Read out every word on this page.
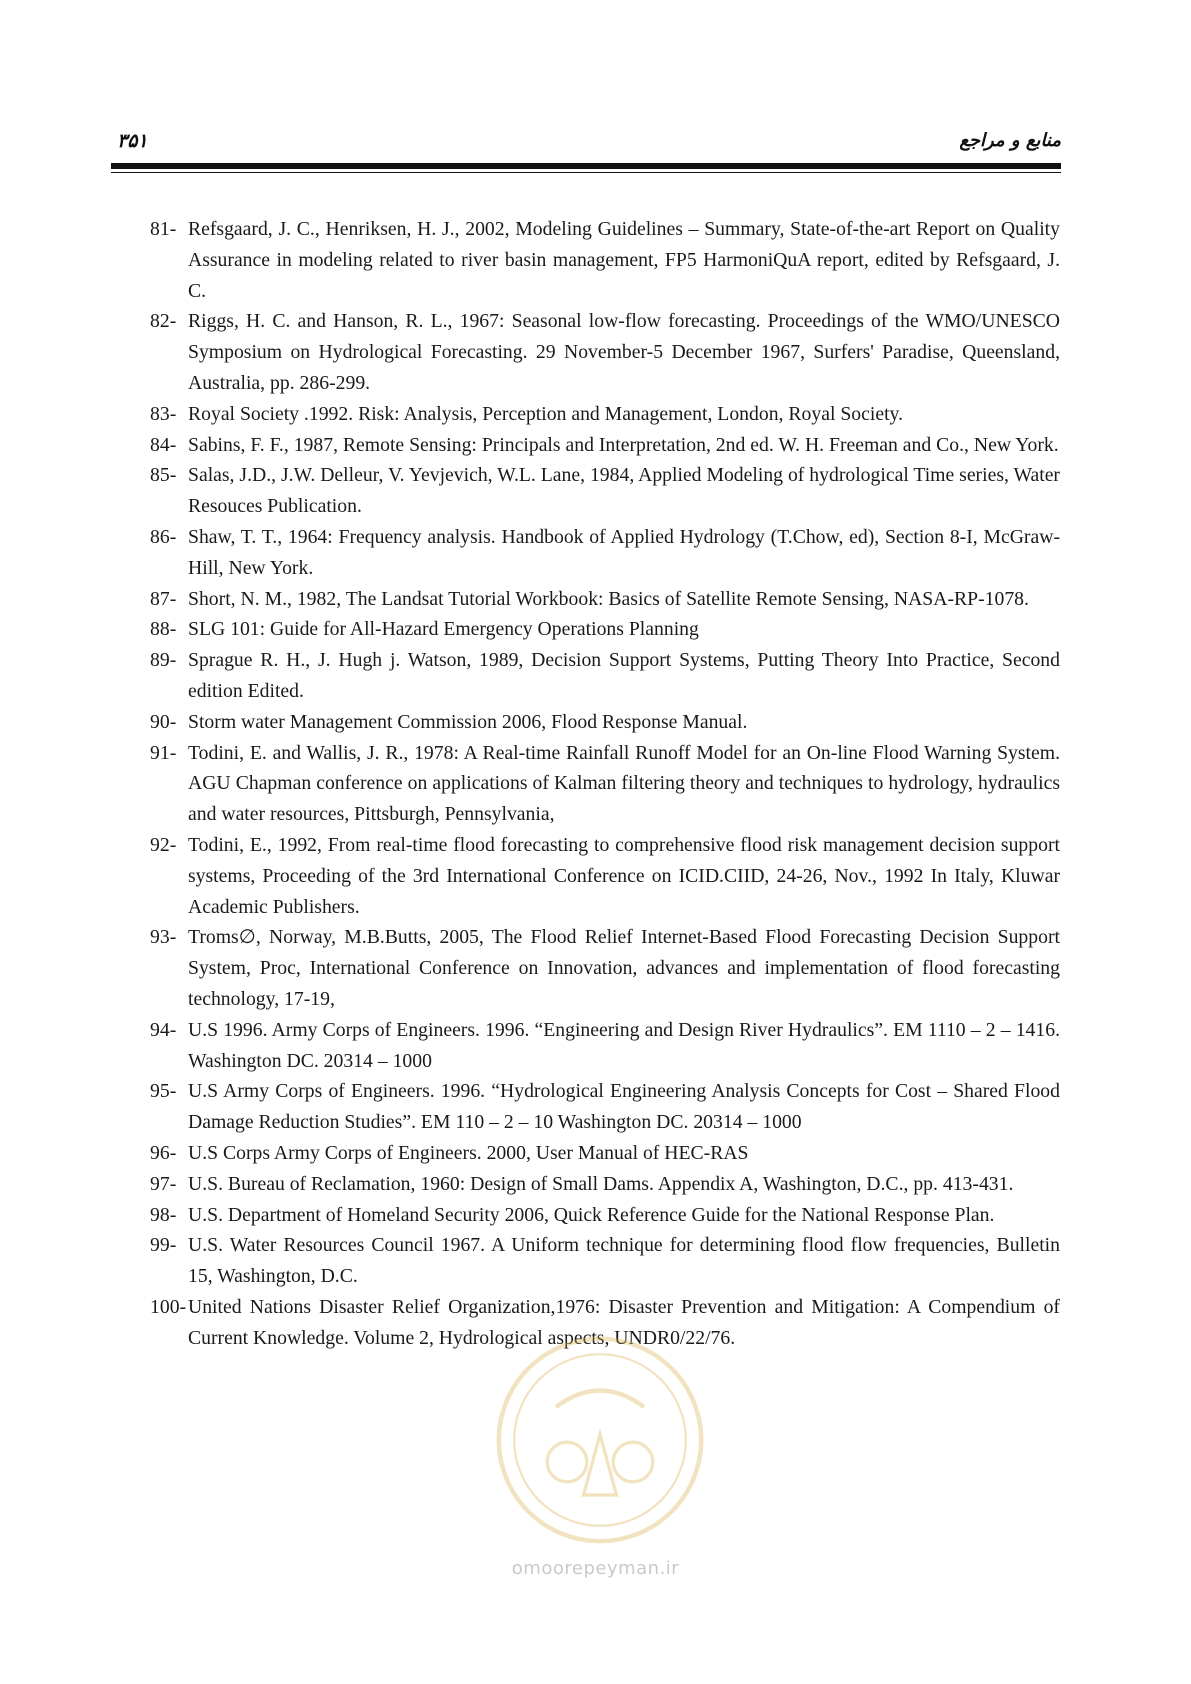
۳۵۱	منابع و مراجع
81- Refsgaard, J. C., Henriksen, H. J., 2002, Modeling Guidelines – Summary, State-of-the-art Report on Quality Assurance in modeling related to river basin management, FP5 HarmoniQuA report, edited by Refsgaard, J. C.
82- Riggs, H. C. and Hanson, R. L., 1967: Seasonal low-flow forecasting. Proceedings of the WMO/UNESCO Symposium on Hydrological Forecasting. 29 November-5 December 1967, Surfers' Paradise, Queensland, Australia, pp. 286-299.
83- Royal Society .1992. Risk: Analysis, Perception and Management, London, Royal Society.
84- Sabins, F. F., 1987, Remote Sensing: Principals and Interpretation, 2nd ed. W. H. Freeman and Co., New York.
85- Salas, J.D., J.W. Delleur, V. Yevjevich, W.L. Lane, 1984, Applied Modeling of hydrological Time series, Water Resouces Publication.
86- Shaw, T. T., 1964: Frequency analysis. Handbook of Applied Hydrology (T.Chow, ed), Section 8-I, McGraw-Hill, New York.
87- Short, N. M., 1982, The Landsat Tutorial Workbook: Basics of Satellite Remote Sensing, NASA-RP-1078.
88- SLG 101: Guide for All-Hazard Emergency Operations Planning
89- Sprague R. H., J. Hugh j. Watson, 1989, Decision Support Systems, Putting Theory Into Practice, Second edition Edited.
90- Storm water Management Commission 2006, Flood Response Manual.
91- Todini, E. and Wallis, J. R., 1978: A Real-time Rainfall Runoff Model for an On-line Flood Warning System. AGU Chapman conference on applications of Kalman filtering theory and techniques to hydrology, hydraulics and water resources, Pittsburgh, Pennsylvania,
92- Todini, E., 1992, From real-time flood forecasting to comprehensive flood risk management decision support systems, Proceeding of the 3rd International Conference on ICID.CIID, 24-26, Nov., 1992 In Italy, Kluwar Academic Publishers.
93- Troms∅, Norway, M.B.Butts, 2005, The Flood Relief Internet-Based Flood Forecasting Decision Support System, Proc, International Conference on Innovation, advances and implementation of flood forecasting technology, 17-19,
94- U.S 1996. Army Corps of Engineers. 1996. “Engineering and Design River Hydraulics”. EM 1110 – 2 – 1416. Washington DC. 20314 – 1000
95- U.S Army Corps of Engineers. 1996. “Hydrological Engineering Analysis Concepts for Cost – Shared Flood Damage Reduction Studies”. EM 110 – 2 – 10 Washington DC. 20314 – 1000
96- U.S Corps Army Corps of Engineers. 2000, User Manual of HEC-RAS
97- U.S. Bureau of Reclamation, 1960: Design of Small Dams. Appendix A, Washington, D.C., pp. 413-431.
98- U.S. Department of Homeland Security 2006, Quick Reference Guide for the National Response Plan.
99- U.S. Water Resources Council 1967. A Uniform technique for determining flood flow frequencies, Bulletin 15, Washington, D.C.
100- United Nations Disaster Relief Organization,1976: Disaster Prevention and Mitigation: A Compendium of Current Knowledge. Volume 2, Hydrological aspects, UNDR0/22/76.
omoorepeyman.ir
